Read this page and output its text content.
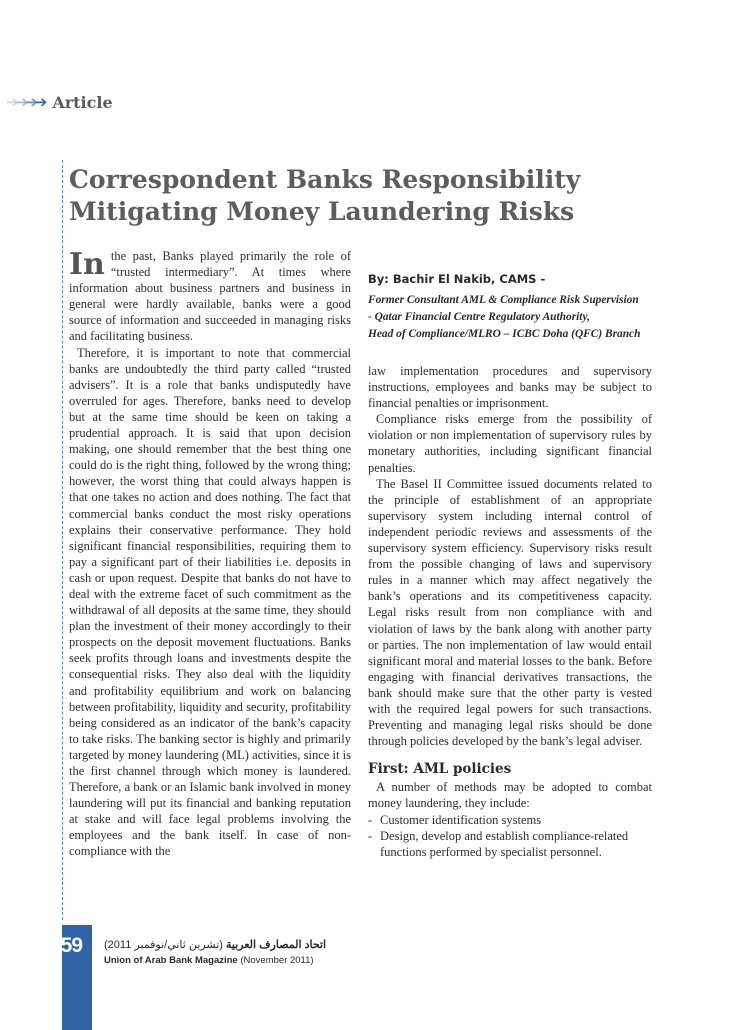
➔
➔
➔
➔ Article
Correspondent Banks Responsibility
Mitigating Money Laundering Risks

In the past, Banks played primarily the role of “trusted intermediary”. At times where information about business partners and business in general were hardly available, banks were a good source of information and succeeded in managing risks and facilitating business.

Therefore, it is important to note that commercial banks are undoubtedly the third party called “trusted advisers”. It is a role that banks undisputedly have overruled for ages. Therefore, banks need to develop but at the same time should be keen on taking a prudential approach. It is said that upon decision making, one should remember that the best thing one could do is the right thing, followed by the wrong thing; however, the worst thing that could always happen is that one takes no action and does nothing. The fact that commercial banks conduct the most risky operations explains their conservative performance. They hold significant financial responsibilities, requiring them to pay a significant part of their liabilities i.e. deposits in cash or upon request. Despite that banks do not have to deal with the extreme facet of such commitment as the withdrawal of all deposits at the same time, they should plan the investment of their money accordingly to their prospects on the deposit movement fluctuations. Banks seek profits through loans and investments despite the consequential risks. They also deal with the liquidity and profitability equilibrium and work on balancing between profitability, liquidity and security, profitability being considered as an indicator of the bank’s capacity to take risks. The banking sector is highly and primarily targeted by money laundering (ML) activities, since it is the first channel through which money is laundered. Therefore, a bank or an Islamic bank involved in money laundering will put its financial and banking reputation at stake and will face legal problems involving the employees and the bank itself. In case of non-compliance with the

By: Bachir El Nakib, CAMS -

Former Consultant AML & Compliance Risk Supervision

- Qatar Financial Centre Regulatory Authority,

Head of Compliance/MLRO – ICBC Doha (QFC) Branch

law implementation procedures and supervisory instructions, employees and banks may be subject to financial penalties or imprisonment.

Compliance risks emerge from the possibility of violation or non implementation of supervisory rules by monetary authorities, including significant financial penalties.

The Basel II Committee issued documents related to the principle of establishment of an appropriate supervisory system including internal control of independent periodic reviews and assessments of the supervisory system efficiency. Supervisory risks result from the possible changing of laws and supervisory rules in a manner which may affect negatively the bank’s operations and its competitiveness capacity. Legal risks result from non compliance with and violation of laws by the bank along with another party or parties. The non implementation of law would entail significant moral and material losses to the bank. Before engaging with financial derivatives transactions, the bank should make sure that the other party is vested with the required legal powers for such transactions. Preventing and managing legal risks should be done through policies developed by the bank’s legal adviser.

First: AML policies

A number of methods may be adopted to combat money laundering, they include:

- Customer identification systems
- Design, develop and establish compliance-related functions performed by specialist personnel.
159 (تشرين ثاني/نوفمبر 2011) اتحاد المصارف العربية
Union of Arab Bank Magazine (November 2011)
